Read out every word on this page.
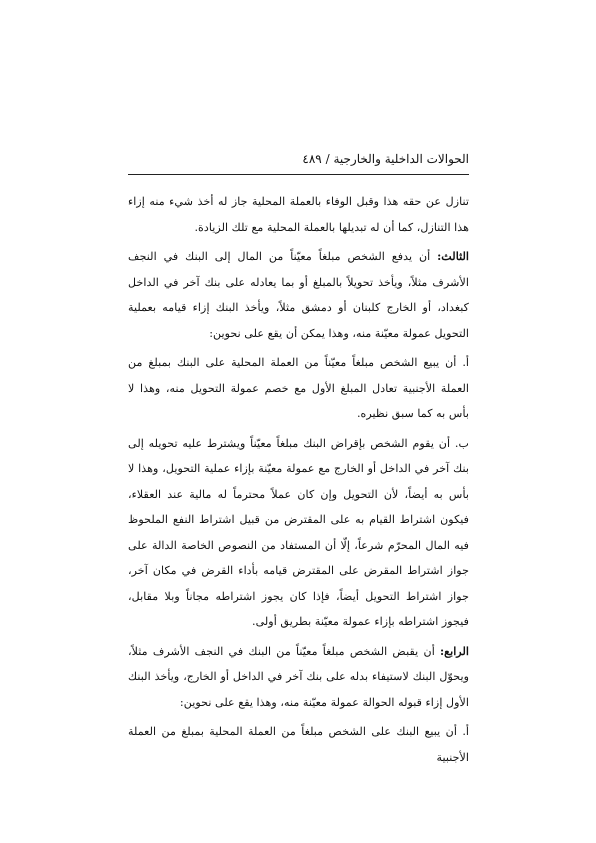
الحوالات الداخلية والخارجية / ٤٨٩

تنازل عن حقه هذا وقبل الوفاء بالعملة المحلية جاز له أخذ شيء منه إزاء هذا التنازل، كما أن له تبديلها بالعملة المحلية مع تلك الزيادة.

الثالث: أن يدفع الشخص مبلغاً معيّناً من المال إلى البنك في النجف الأشرف مثلاً، ويأخذ تحويلاً بالمبلغ أو بما يعادله على بنك آخر في الداخل كبغداد، أو الخارج كلبنان أو دمشق مثلاً، ويأخذ البنك إزاء قيامه بعملية التحويل عمولة معيّنة منه، وهذا يمكن أن يقع على نحوين:

أ. أن يبيع الشخص مبلغاً معيّناً من العملة المحلية على البنك بمبلغ من العملة الأجنبية تعادل المبلغ الأول مع خصم عمولة التحويل منه، وهذا لا بأس به كما سبق نظيره.

ب. أن يقوم الشخص بإقراض البنك مبلغاً معيّناً ويشترط عليه تحويله إلى بنك آخر في الداخل أو الخارج مع عمولة معيّنة بإزاء عملية التحويل، وهذا لا بأس به أيضاً، لأن التحويل وإن كان عملاً محترماً له مالية عند العقلاء، فيكون اشتراط القيام به على المقترض من قبيل اشتراط النفع الملحوظ فيه المال المحرّم شرعاً، إلّا أن المستفاد من النصوص الخاصة الدالة على جواز اشتراط المقرض على المقترض قيامه بأداء القرض في مكان آخر، جواز اشتراط التحويل أيضاً، فإذا كان يجوز اشتراطه مجاناً وبلا مقابل، فيجوز اشتراطه بإزاء عمولة معيّنة بطريق أولى.

الرابع: أن يقبض الشخص مبلغاً معيّناً من البنك في النجف الأشرف مثلاً، ويحوّل البنك لاستيفاء بدله على بنك آخر في الداخل أو الخارج، ويأخذ البنك الأول إزاء قبوله الحوالة عمولة معيّنة منه، وهذا يقع على نحوين:

أ. أن يبيع البنك على الشخص مبلغاً من العملة المحلية بمبلغ من العملة الأجنبية
